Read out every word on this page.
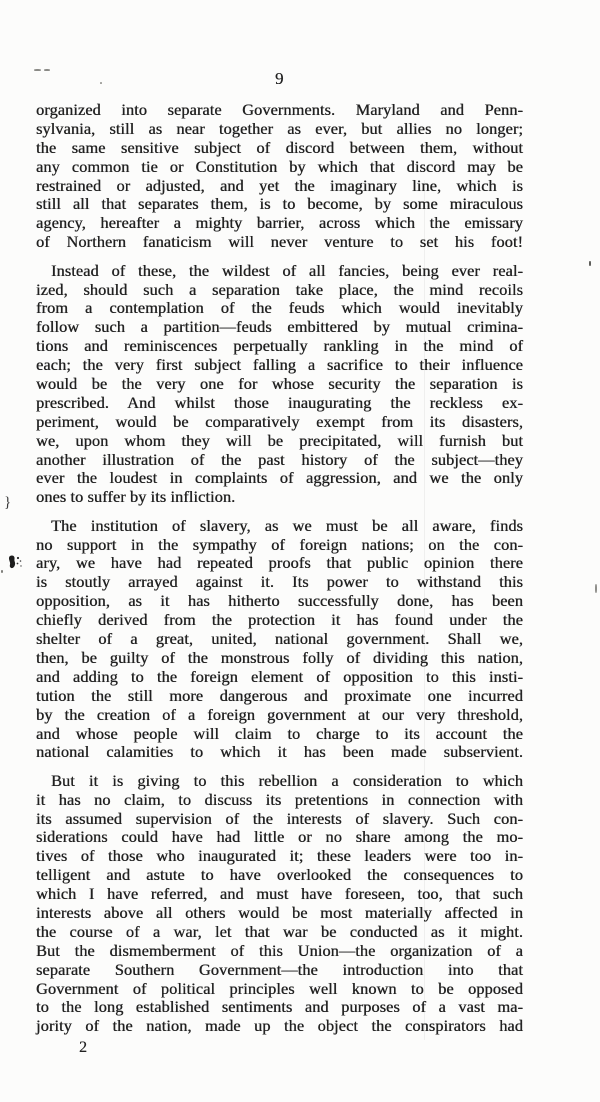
9
organized into separate Governments. Maryland and Penn-
sylvania, still as near together as ever, but allies no longer;
the same sensitive subject of discord between them, without
any common tie or Constitution by which that discord may be
restrained or adjusted, and yet the imaginary line, which is
still all that separates them, is to become, by some miraculous
agency, hereafter a mighty barrier, across which the emissary
of Northern fanaticism will never venture to set his foot!
Instead of these, the wildest of all fancies, being ever real-
ized, should such a separation take place, the mind recoils
from a contemplation of the feuds which would inevitably
follow such a partition—feuds embittered by mutual crimina-
tions and reminiscences perpetually rankling in the mind of
each; the very first subject falling a sacrifice to their influence
would be the very one for whose security the separation is
prescribed. And whilst those inaugurating the reckless ex-
periment, would be comparatively exempt from its disasters,
we, upon whom they will be precipitated, will furnish but
another illustration of the past history of the subject—they
ever the loudest in complaints of aggression, and we the only
ones to suffer by its infliction.
The institution of slavery, as we must be all aware, finds
no support in the sympathy of foreign nations; on the con-
ary, we have had repeated proofs that public opinion there
is stoutly arrayed against it. Its power to withstand this
opposition, as it has hitherto successfully done, has been
chiefly derived from the protection it has found under the
shelter of a great, united, national government. Shall we,
then, be guilty of the monstrous folly of dividing this nation,
and adding to the foreign element of opposition to this insti-
tution the still more dangerous and proximate one incurred
by the creation of a foreign government at our very threshold,
and whose people will claim to charge to its account the
national calamities to which it has been made subservient.
But it is giving to this rebellion a consideration to which
it has no claim, to discuss its pretentions in connection with
its assumed supervision of the interests of slavery. Such con-
siderations could have had little or no share among the mo-
tives of those who inaugurated it; these leaders were too in-
telligent and astute to have overlooked the consequences to
which I have referred, and must have foreseen, too, that such
interests above all others would be most materially affected in
the course of a war, let that war be conducted as it might.
But the dismemberment of this Union—the organization of a
separate Southern Government—the introduction into that
Government of political principles well known to be opposed
to the long established sentiments and purposes of a vast ma-
jority of the nation, made up the object the conspirators had
}
2
